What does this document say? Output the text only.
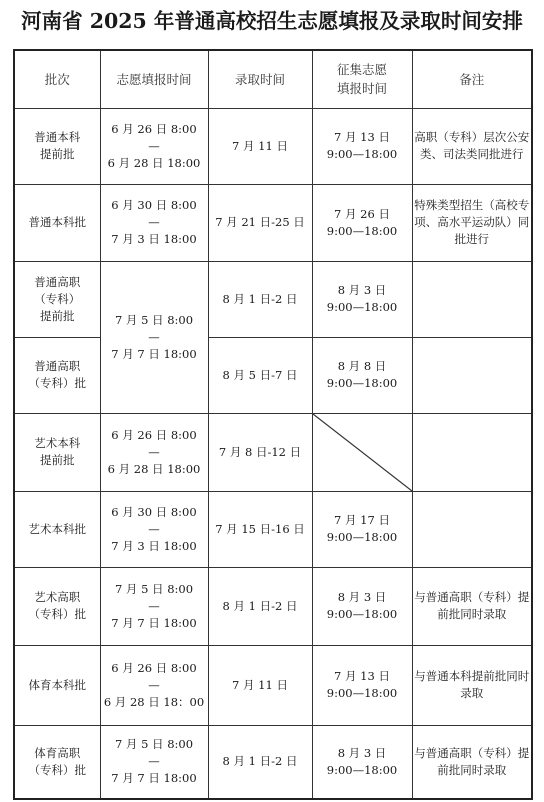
河南省 2025 年普通高校招生志愿填报及录取时间安排
批次	志愿填报时间	录取时间	征集志愿
填报时间	备注

普通本科
提前批	6 月 26 日 8:00
—
6 月 28 日 18:00	7 月 11 日	7 月 13 日
9:00—18:00	高职（专科）层次公安类、司法类同批进行

普通本科批	6 月 30 日 8:00
—
7 月 3 日 18:00	7 月 21 日-25 日	7 月 26 日
9:00—18:00	特殊类型招生（高校专项、高水平运动队）同批进行

普通高职
（专科）
提前批	7 月 5 日 8:00
—
7 月 7 日 18:00	8 月 1 日-2 日	8 月 3 日
9:00—18:00	

普通高职
（专科）批		8 月 5 日-7 日	8 月 8 日
9:00—18:00	

艺术本科
提前批	6 月 26 日 8:00
—
6 月 28 日 18:00	7 月 8 日-12 日	

艺术本科批	6 月 30 日 8:00
—
7 月 3 日 18:00	7 月 15 日-16 日	7 月 17 日
9:00—18:00	

艺术高职
（专科）批	7 月 5 日 8:00
—
7 月 7 日 18:00	8 月 1 日-2 日	8 月 3 日
9:00—18:00	与普通高职（专科）提前批同时录取

体育本科批	6 月 26 日 8:00
—
6 月 28 日 18：00	7 月 11 日	7 月 13 日
9:00—18:00	与普通本科提前批同时录取

体育高职
（专科）批	7 月 5 日 8:00
—
7 月 7 日 18:00	8 月 1 日-2 日	8 月 3 日
9:00—18:00	与普通高职（专科）提前批同时录取
